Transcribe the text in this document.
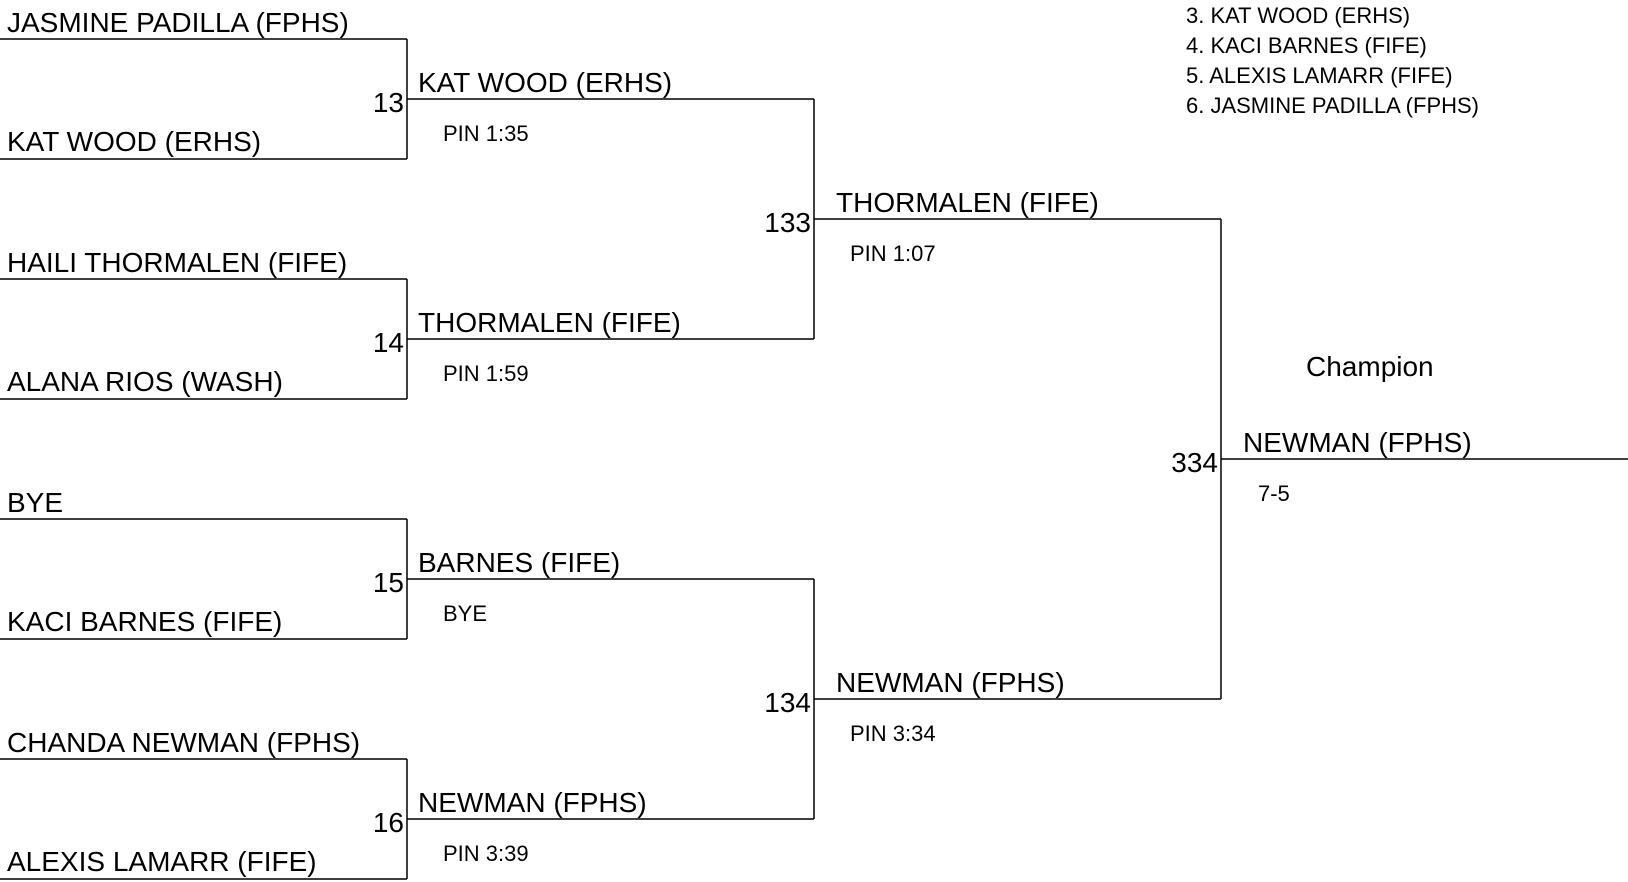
JASMINE PADILLA (FPHS)
KAT WOOD (ERHS)
13
HAILI THORMALEN (FIFE)
ALANA RIOS (WASH)
14
BYE
KACI BARNES (FIFE)
15
CHANDA NEWMAN (FPHS)
ALEXIS LAMARR (FIFE)
16
KAT WOOD (ERHS)
PIN 1:35
THORMALEN (FIFE)
PIN 1:59
133
BARNES (FIFE)
BYE
NEWMAN (FPHS)
PIN 3:39
134
THORMALEN (FIFE)
PIN 1:07
NEWMAN (FPHS)
PIN 3:34
334
Champion
NEWMAN (FPHS)
7-5
3. KAT WOOD (ERHS)
4. KACI BARNES (FIFE)
5. ALEXIS LAMARR (FIFE)
6. JASMINE PADILLA (FPHS)
